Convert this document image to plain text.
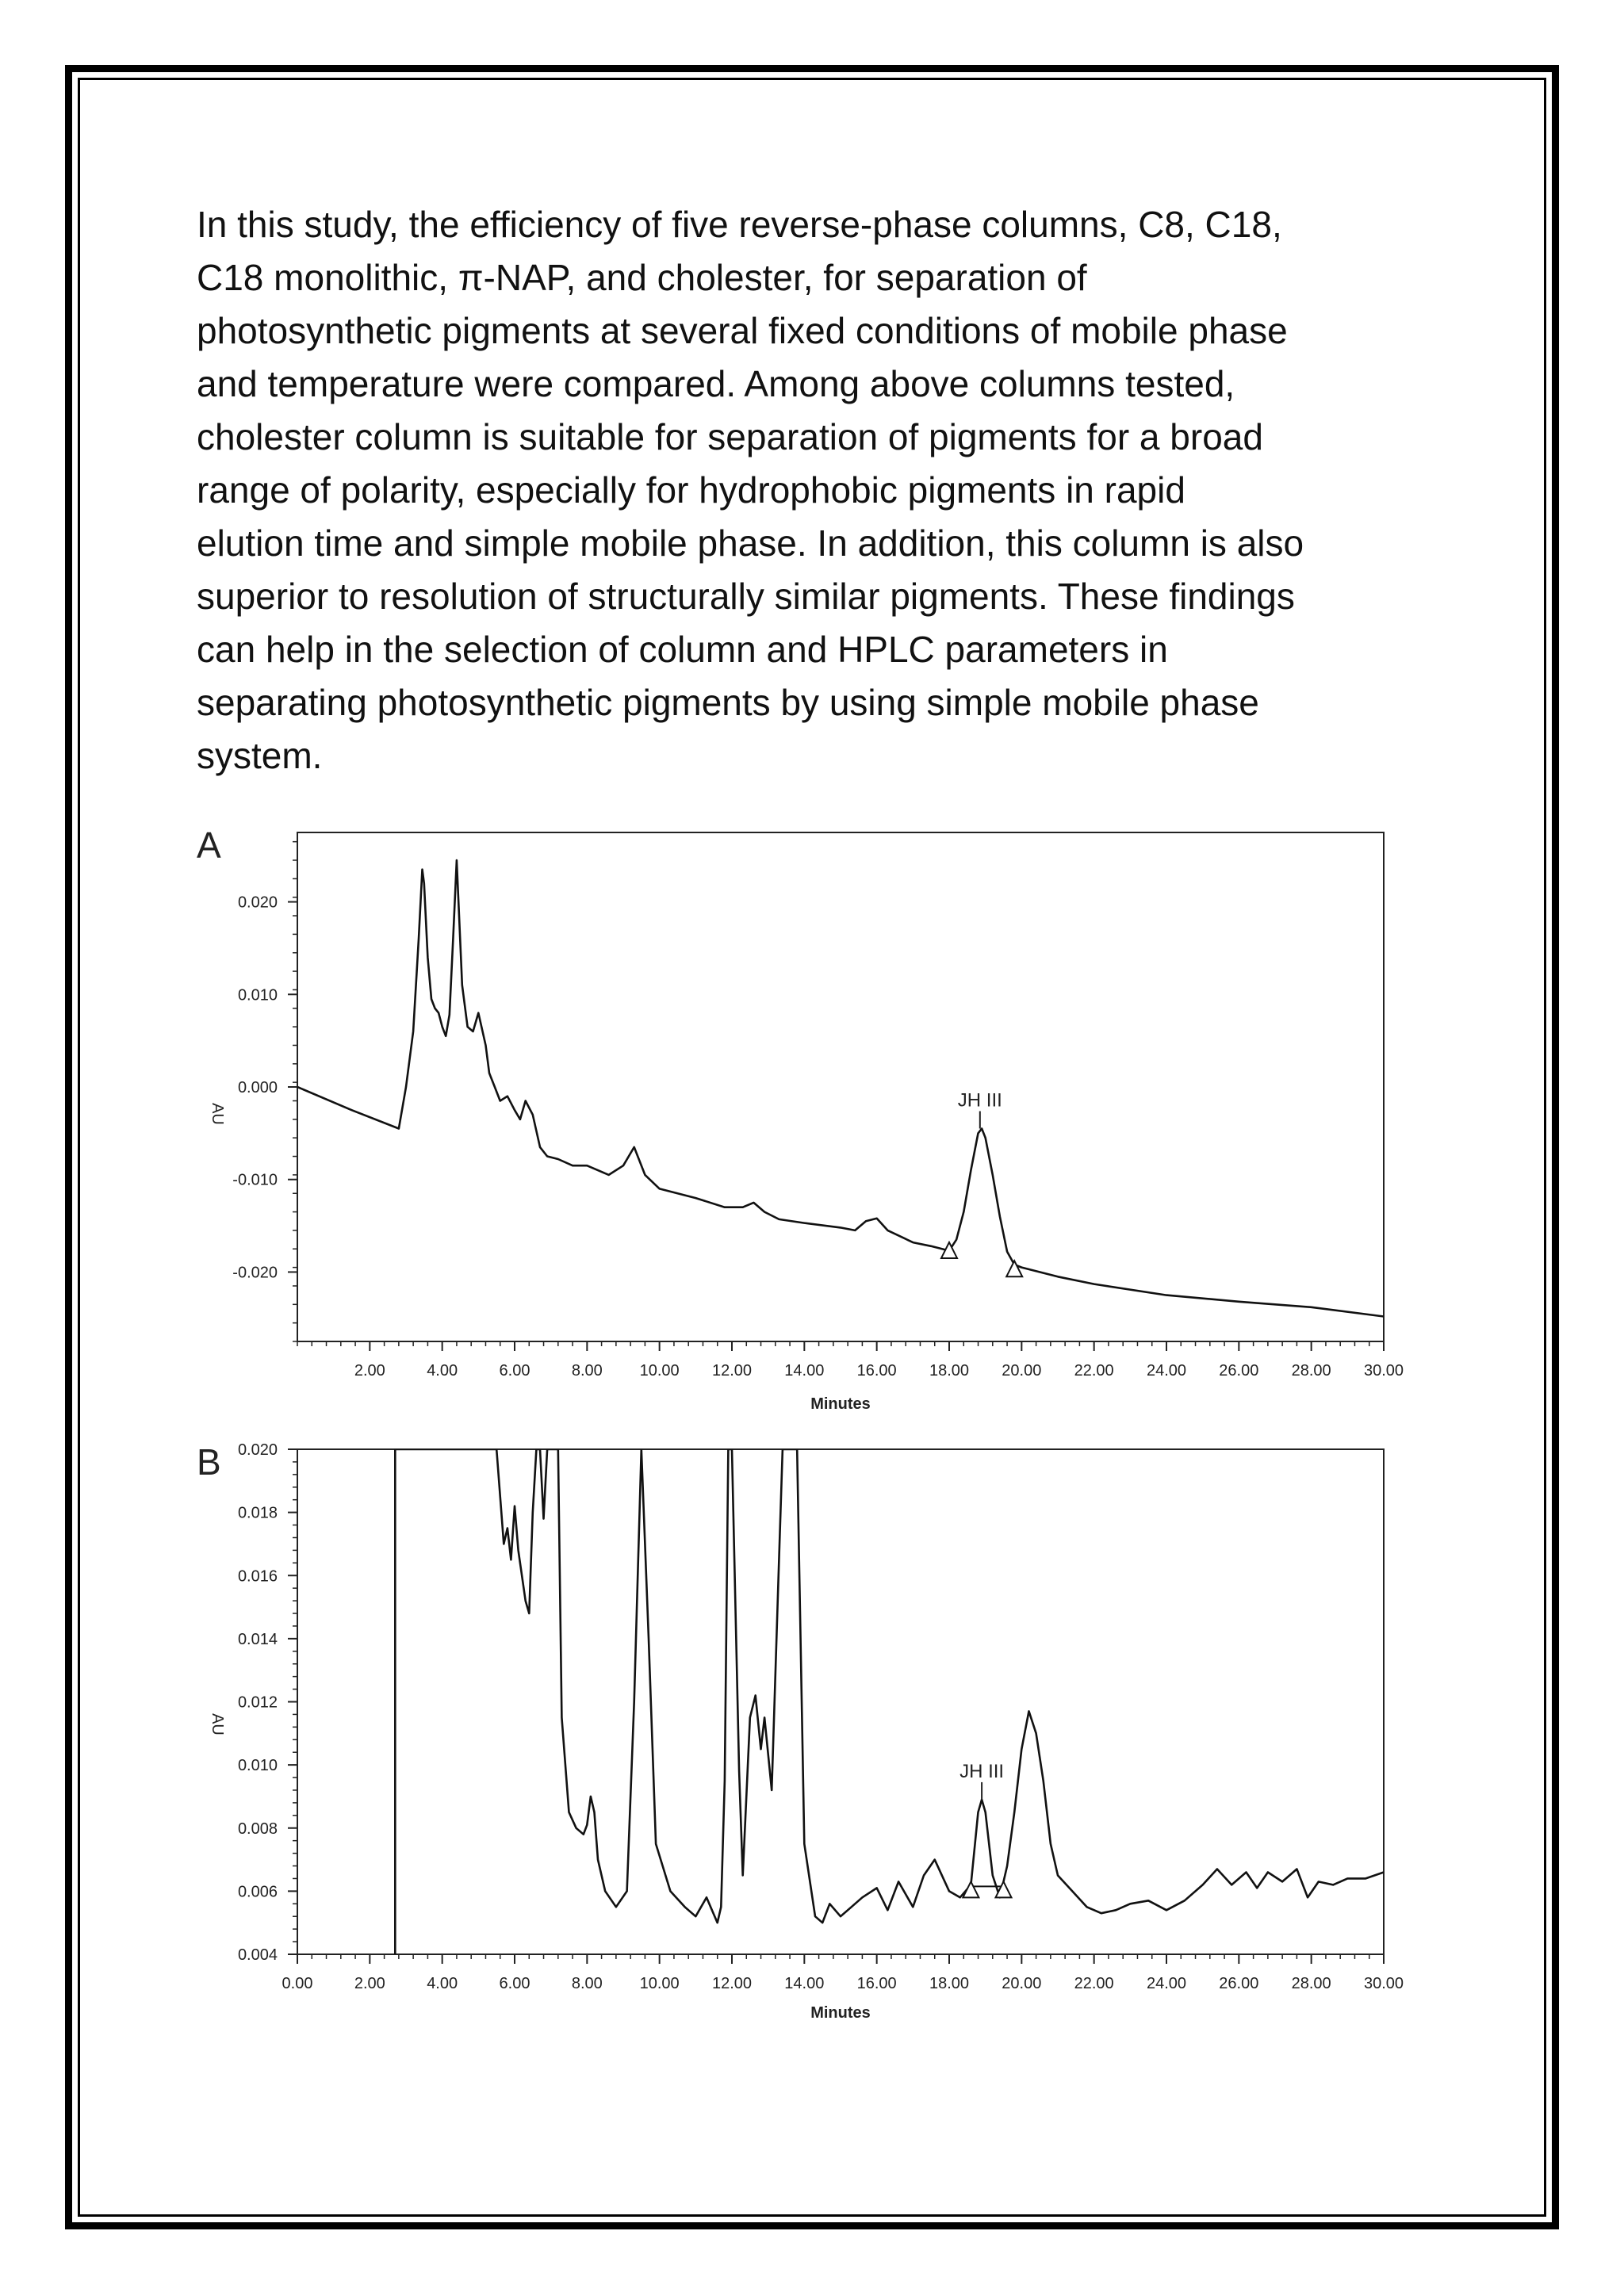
In this study, the efficiency of five reverse-phase columns, C8, C18,
C18 monolithic, π-NAP, and cholester, for separation of
photosynthetic pigments at several fixed conditions of mobile phase
and temperature were compared. Among above columns tested,
cholester column is suitable for separation of pigments for a broad
range of polarity, especially for hydrophobic pigments in rapid
elution time and simple mobile phase. In addition, this column is also
superior to resolution of structurally similar pigments. These findings
can help in the selection of column and HPLC parameters in
separating photosynthetic pigments by using simple mobile phase
system.
A
AU
Minutes
2.00	4.00	6.00	8.00 10.00 12.00 14.00 16.00 18.00 20.00 22.00 24.00 26.00 28.00 30.00
0.020
0.010
0.000
-0.010
-0.020
JH III
B
AU
Minutes
0.00	2.00	4.00	6.00	8.00 10.00 12.00 14.00 16.00 18.00 20.00 22.00 24.00 26.00 28.00 30.00
0.020
0.018
0.016
0.014
0.012
0.010
0.008
0.006
0.004
JH III
